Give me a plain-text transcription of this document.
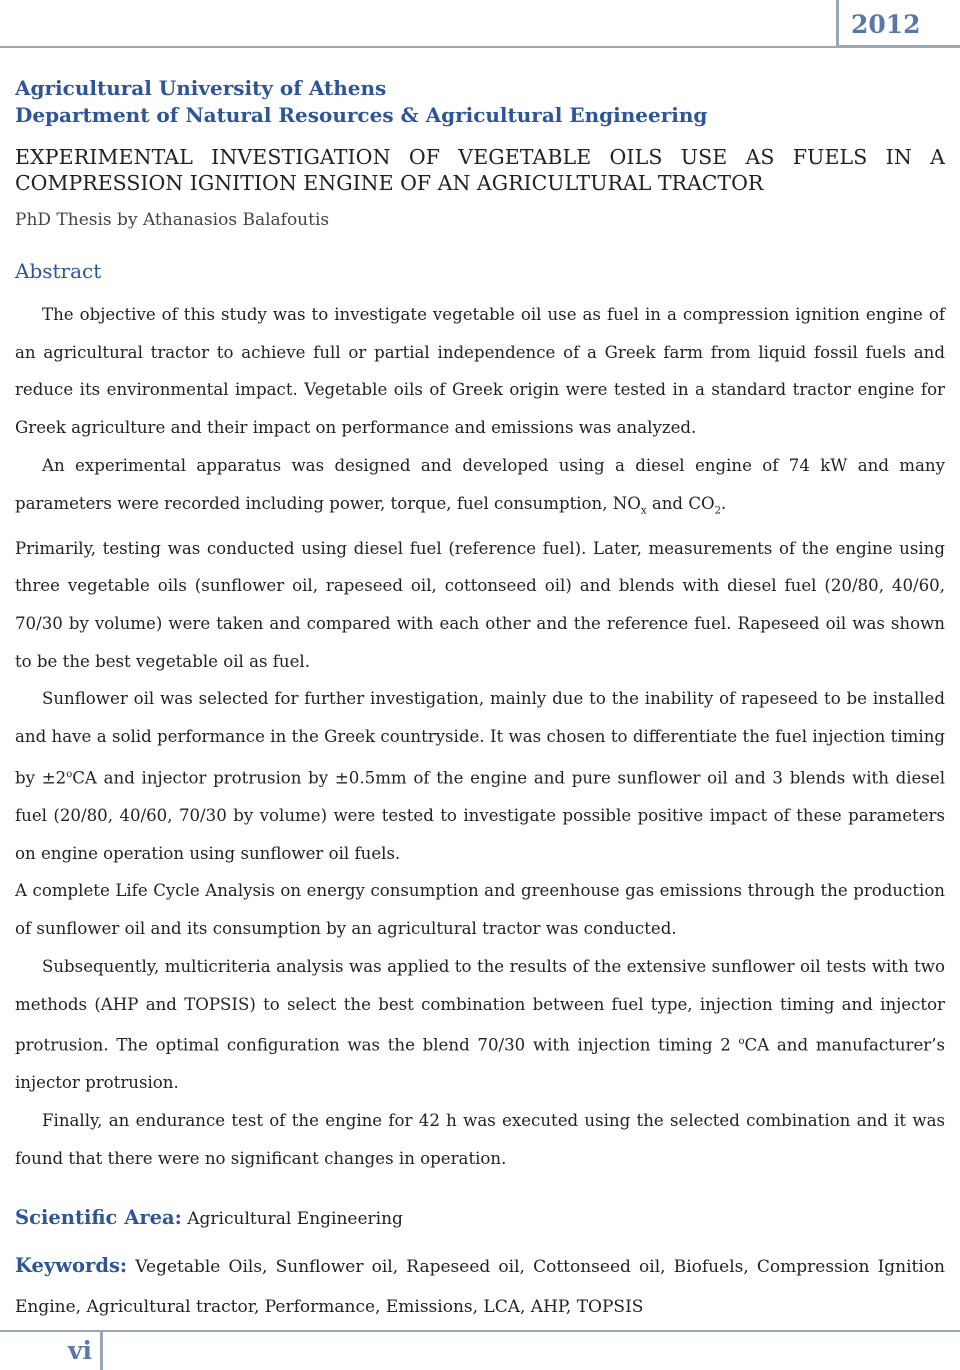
2012
Agricultural University of Athens
Department of Natural Resources & Agricultural Engineering
EXPERIMENTAL INVESTIGATION OF VEGETABLE OILS USE AS FUELS IN A
COMPRESSION IGNITION ENGINE OF AN AGRICULTURAL TRACTOR
PhD Thesis by Athanasios Balafoutis
Abstract

The objective of this study was to investigate vegetable oil use as fuel in a compression ignition engine of an agricultural tractor to achieve full or partial independence of a Greek farm from liquid fossil fuels and reduce its environmental impact. Vegetable oils of Greek origin were tested in a standard tractor engine for Greek agriculture and their impact on performance and emissions was analyzed.

An experimental apparatus was designed and developed using a diesel engine of 74 kW and many parameters were recorded including power, torque, fuel consumption, $NO_x$ and $CO_2$.

Primarily, testing was conducted using diesel fuel (reference fuel). Later, measurements of the engine using three vegetable oils (sunflower oil, rapeseed oil, cottonseed oil) and blends with diesel fuel (20/80, 40/60, 70/30 by volume) were taken and compared with each other and the reference fuel. Rapeseed oil was shown to be the best vegetable oil as fuel.

Sunflower oil was selected for further investigation, mainly due to the inability of rapeseed to be installed and have a solid performance in the Greek countryside. It was chosen to differentiate the fuel injection timing by $\pm 2^oCA$ and injector protrusion by ±0.5mm of the engine and pure sunflower oil and 3 blends with diesel fuel (20/80, 40/60, 70/30 by volume) were tested to investigate possible positive impact of these parameters on engine operation using sunflower oil fuels.

A complete Life Cycle Analysis on energy consumption and greenhouse gas emissions through the production of sunflower oil and its consumption by an agricultural tractor was conducted.

Subsequently, multicriteria analysis was applied to the results of the extensive sunflower oil tests with two methods (AHP and TOPSIS) to select the best combination between fuel type, injection timing and injector protrusion. The optimal configuration was the blend 70/30 with injection timing 2 $^o$CA and manufacturer’s injector protrusion.

Finally, an endurance test of the engine for 42 h was executed using the selected combination and it was found that there were no significant changes in operation.

Scientific Area: Agricultural Engineering
Keywords: Vegetable Oils, Sunflower oil, Rapeseed oil, Cottonseed oil, Biofuels, Compression Ignition Engine, Agricultural tractor, Performance, Emissions, LCA, AHP, TOPSIS
vi
